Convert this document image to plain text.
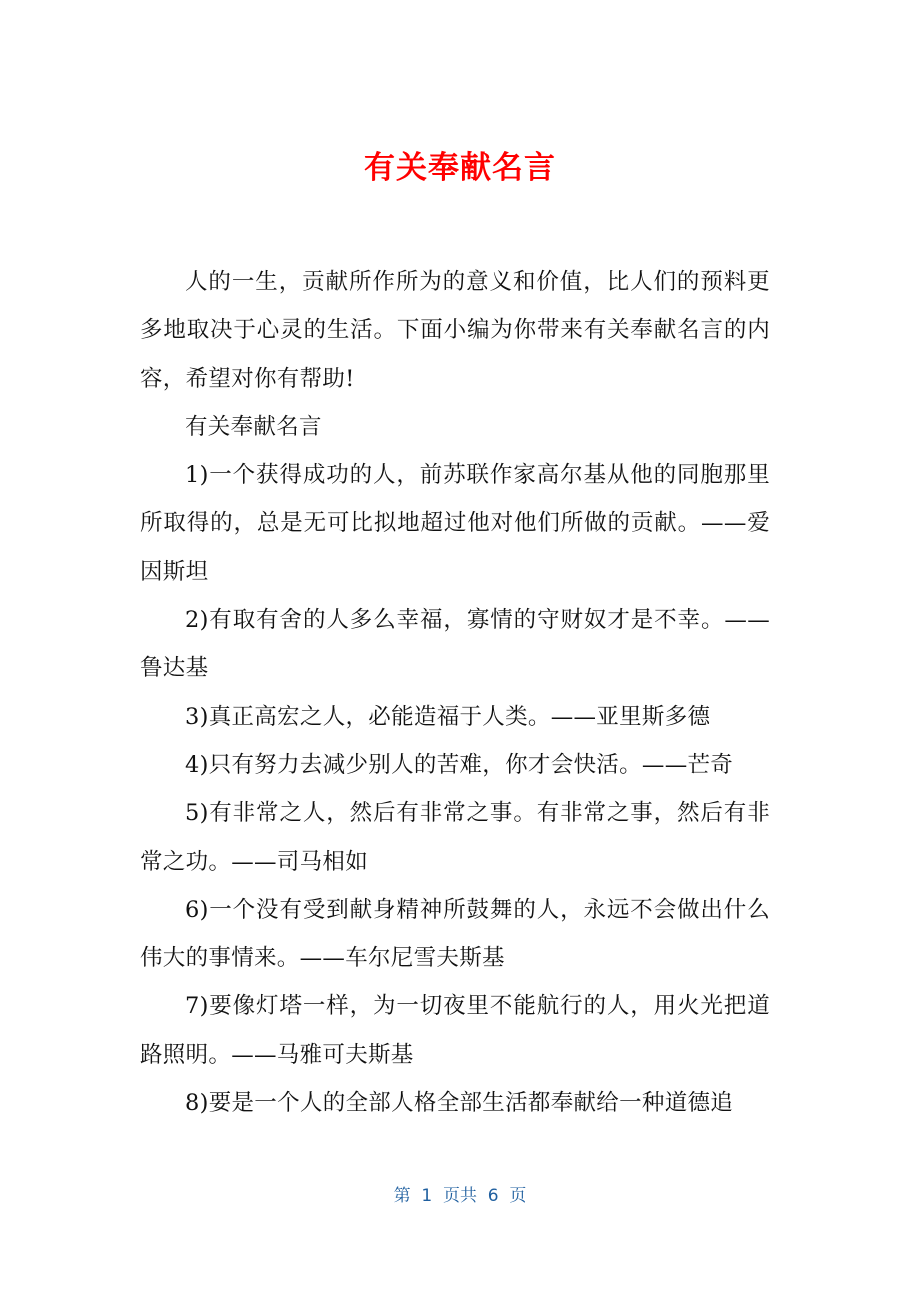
有关奉献名言

人的一生，贡献所作所为的意义和价值，比人们的预料更多地取决于心灵的生活。下面小编为你带来有关奉献名言的内容，希望对你有帮助!

有关奉献名言

1)一个获得成功的人，前苏联作家高尔基从他的同胞那里所取得的，总是无可比拟地超过他对他们所做的贡献。——爱因斯坦

2)有取有舍的人多么幸福，寡情的守财奴才是不幸。——鲁达基

3)真正高宏之人，必能造福于人类。——亚里斯多德

4)只有努力去减少别人的苦难，你才会快活。——芒奇

5)有非常之人，然后有非常之事。有非常之事，然后有非常之功。——司马相如

6)一个没有受到献身精神所鼓舞的人，永远不会做出什么伟大的事情来。——车尔尼雪夫斯基

7)要像灯塔一样，为一切夜里不能航行的人，用火光把道路照明。——马雅可夫斯基

8)要是一个人的全部人格全部生活都奉献给一种道德追

第  1  页共  6  页
